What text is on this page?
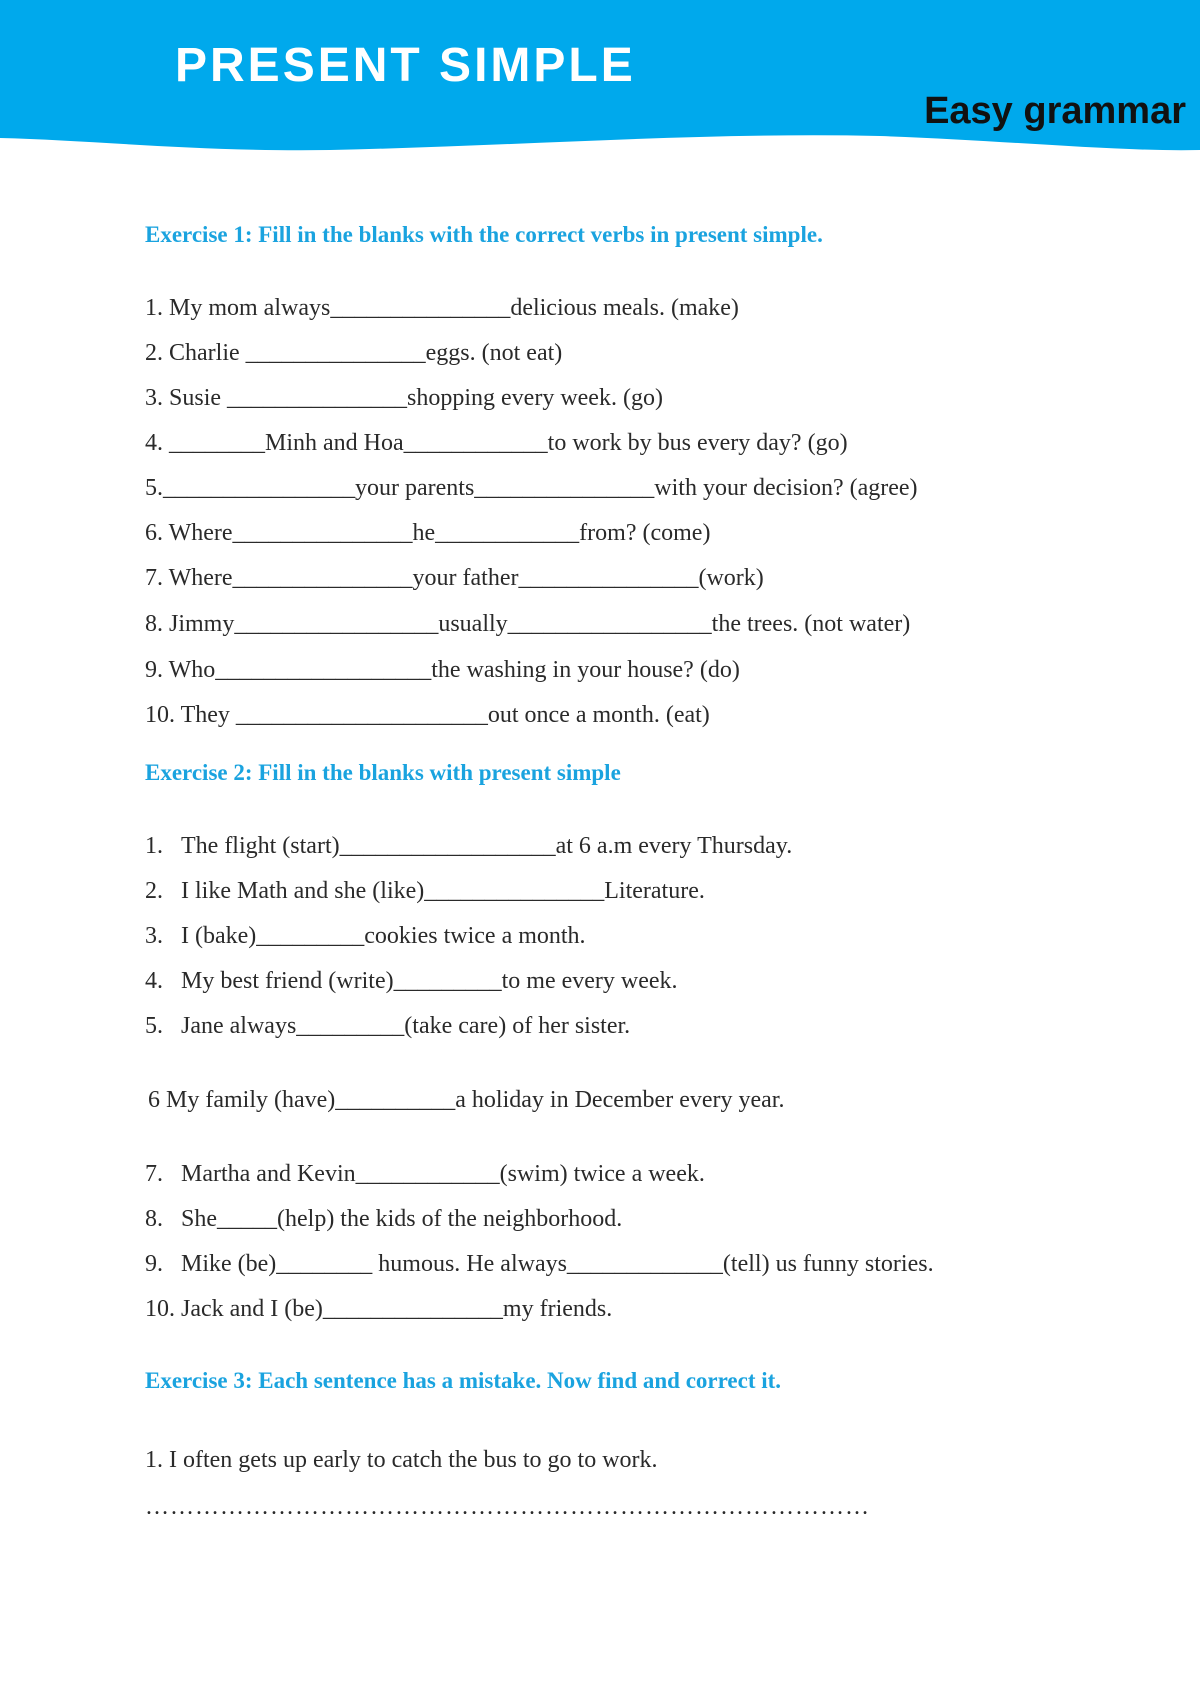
PRESENT SIMPLE
Easy grammar
Exercise 1: Fill in the blanks with the correct verbs in present simple.
1. My mom always_______________delicious meals. (make)
2. Charlie _______________eggs. (not eat)
3. Susie _______________shopping every week. (go)
4. ________Minh and Hoa____________to work by bus every day? (go)
5.________________your parents_______________with your decision? (agree)
6. Where_______________he____________from? (come)
7. Where_______________your father_______________(work)
8. Jimmy_________________usually_________________the trees. (not water)
9. Who__________________the washing in your house? (do)
10. They _____________________out once a month. (eat)
Exercise 2: Fill in the blanks with present simple
1. The flight (start)__________________at 6 a.m every Thursday.
2. I like Math and she (like)_______________Literature.
3. I (bake)_________cookies twice a month.
4. My best friend (write)_________to me every week.
5. Jane always_________(take care) of her sister.
6 My family (have)__________a holiday in December every year.
7. Martha and Kevin____________(swim) twice a week.
8. She_____(help) the kids of the neighborhood.
9. Mike (be)________ humous. He always_____________(tell) us funny stories.
10. Jack and I (be)_______________my friends.
Exercise 3: Each sentence has a mistake. Now find and correct it.
1. I often gets up early to catch the bus to go to work.
……………………………………………………………………………
